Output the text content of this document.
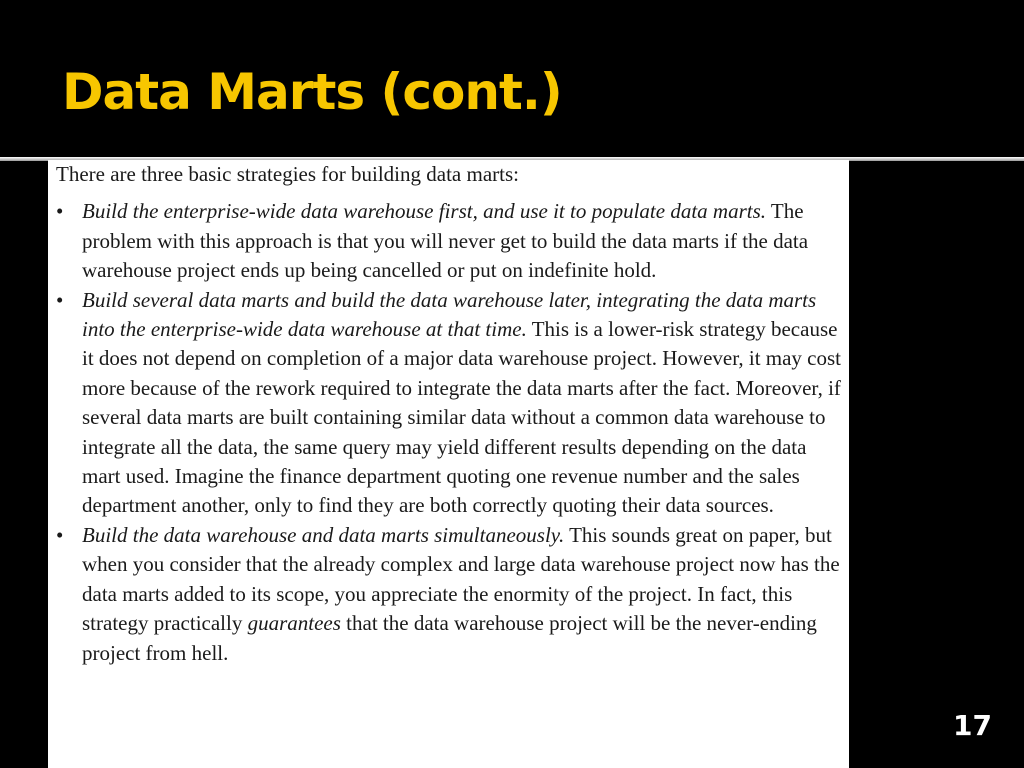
Data Marts (cont.)

There are three basic strategies for building data marts:

• Build the enterprise-wide data warehouse first, and use it to populate data marts. The problem with this approach is that you will never get to build the data marts if the data warehouse project ends up being cancelled or put on indefinite hold.

• Build several data marts and build the data warehouse later, integrating the data marts into the enterprise-wide data warehouse at that time. This is a lower-risk strategy because it does not depend on completion of a major data warehouse project. However, it may cost more because of the rework required to integrate the data marts after the fact. Moreover, if several data marts are built containing similar data without a common data warehouse to integrate all the data, the same query may yield different results depending on the data mart used. Imagine the finance department quoting one revenue number and the sales department another, only to find they are both correctly quoting their data sources.

• Build the data warehouse and data marts simultaneously. This sounds great on paper, but when you consider that the already complex and large data warehouse project now has the data marts added to its scope, you appreciate the enormity of the project. In fact, this strategy practically guarantees that the data warehouse project will be the never-ending project from hell.

17
